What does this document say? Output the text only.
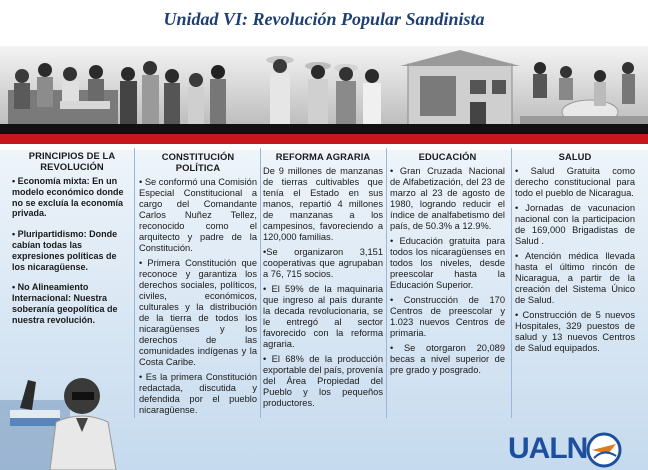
Unidad VI: Revolución Popular Sandinista
PRINCIPIOS DE LA REVOLUCIÓN

• Economía mixta: En un modelo económico donde no se excluía la economía privada.

• Pluripartidismo: Donde cabían todas las expresiones políticas de los nicaragüense.

• No Alineamiento Internacional: Nuestra soberanía geopolítica de nuestra revolución.

CONSTITUCIÓN POLÍTICA

• Se conformó una Comisión Especial Constitucional a cargo del Comandante Carlos Nuñez Tellez, reconocido como el arquitecto y padre de la Constitución.

• Primera Constitución que reconoce y garantiza los derechos sociales, políticos, civiles, económicos, culturales y la distribución de la tierra de todos los nicaragüenses y los derechos de las comunidades indígenas y la Costa Caribe.

• Es la primera Constitución redactada, discutida y defendida por el pueblo nicaragüense.

REFORMA AGRARIA

De 9 millones de manzanas de tierras cultivables que tenía el Estado en sus manos, repartió 4 millones de manzanas a los campesinos, favoreciendo a 120,000 familias.

•Se organizaron 3,151 cooperativas que agrupaban a 76, 715 socios.

• El 59% de la maquinaria que ingreso al país durante la decada revolucionaria, se le entregó al sector favorecido con la reforma agraria.

• El 68% de la producción exportable del país, provenía del Área Propiedad del Pueblo y los pequeños productores.

EDUCACIÓN

• Gran Cruzada Nacional de Alfabetización, del 23 de marzo al 23 de agosto de 1980, logrando reducir el índice de analfabetismo del país, de 50.3% a 12.9%.

• Educación gratuita para todos los nicaragüenses en todos los niveles, desde preescolar hasta la Educación Superior.

• Construcción de 170 Centros de preescolar y 1.023 nuevos Centros de primaria.

• Se otorgaron 20,089 becas a nivel superior de pre grado y posgrado.

SALUD

• Salud Gratuita como derecho constitucional para todo el pueblo de Nicaragua.

• Jornadas de vacunacion nacional con la participacion de 169,000 Brigadistas de Salud .

• Atención médica llevada hasta el último rincón de Nicaragua, a partir de la creación del Sistema Único de Salud.

• Construcción de 5 nuevos Hospitales, 329 puestos de salud y 13 nuevos Centros de Salud equipados.

UALN
